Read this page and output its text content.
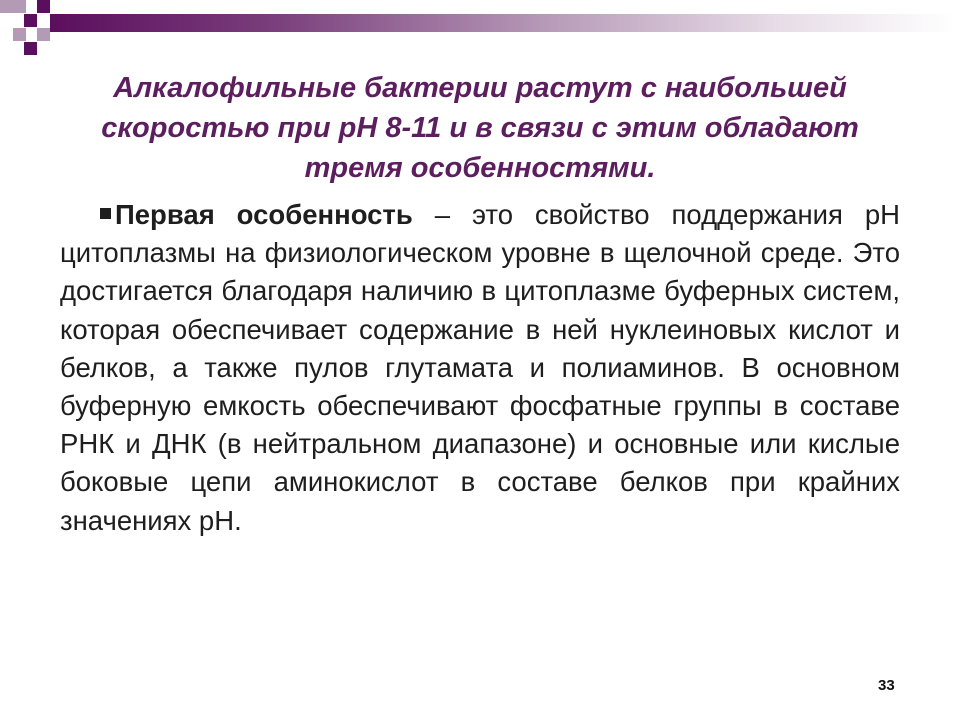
Алкалофильные бактерии растут с наибольшей скоростью при pH 8-11 и в связи с этим обладают тремя особенностями.

Первая особенность – это свойство поддержания pH цитоплазмы на физиологическом уровне в щелочной среде. Это достигается благодаря наличию в цитоплазме буферных систем, которая обеспечивает содержание в ней нуклеиновых кислот и белков, а также пулов глутамата и полиаминов. В основном буферную емкость обеспечивают фосфатные группы в составе РНК и ДНК (в нейтральном диапазоне) и основные или кислые боковые цепи аминокислот в составе белков при крайних значениях pH.

33
